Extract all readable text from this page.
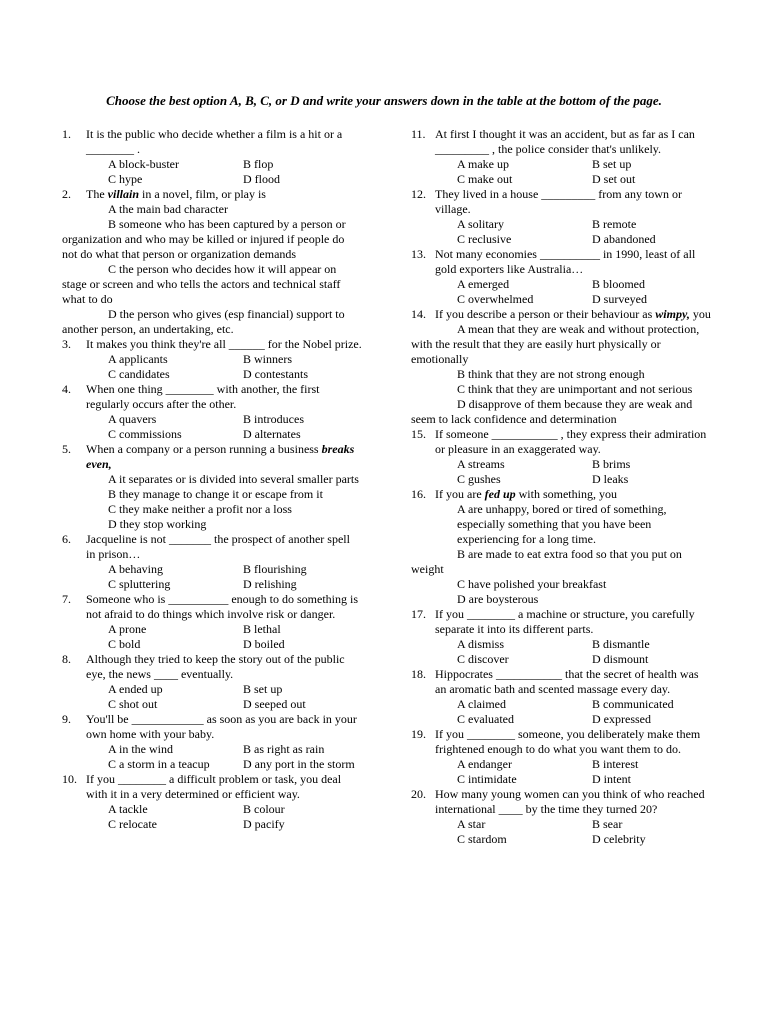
Choose the best option A, B, C, or D and write your answers down in the table at the bottom of the page.
1. It is the public who decide whether a film is a hit or a ________ .
A block-buster	B flop
C hype	D flood
2. The villain in a novel, film, or play is
A the main bad character
B someone who has been captured by a person or organization and who may be killed or injured if people do not do what that person or organization demands
C the person who decides how it will appear on stage or screen and who tells the actors and technical staff what to do
D the person who gives (esp financial) support to another person, an undertaking, etc.
3. It makes you think they're all ______ for the Nobel prize.
A applicants	B winners
C candidates	D contestants
4. When one thing ________ with another, the first regularly occurs after the other.
A quavers	B introduces
C commissions	D alternates
5. When a company or a person running a business breaks even,
A it separates or is divided into several smaller parts
B they manage to change it or escape from it
C they make neither a profit nor a loss
D they stop working
6. Jacqueline is not _______ the prospect of another spell in prison…
A behaving	B flourishing
C spluttering	D relishing
7. Someone who is __________ enough to do something is not afraid to do things which involve risk or danger.
A prone	B lethal
C bold	D boiled
8. Although they tried to keep the story out of the public eye, the news ____ eventually.
A ended up	B set up
C shot out	D seeped out
9. You'll be ____________ as soon as you are back in your own home with your baby.
A in the wind	B as right as rain
C a storm in a teacup	D any port in the storm
10. If you ________ a difficult problem or task, you deal with it in a very determined or efficient way.
A tackle	B colour
C relocate	D pacify
11. At first I thought it was an accident, but as far as I can _________ , the police consider that's unlikely.
A make up	B set up
C make out	D set out
12. They lived in a house _________ from any town or village.
A solitary	B remote
C reclusive	D abandoned
13. Not many economies __________ in 1990, least of all gold exporters like Australia…
A emerged	B bloomed
C overwhelmed	D surveyed
14. If you describe a person or their behaviour as wimpy, you
A mean that they are weak and without protection, with the result that they are easily hurt physically or emotionally
B think that they are not strong enough
C think that they are unimportant and not serious
D disapprove of them because they are weak and seem to lack confidence and determination
15. If someone ___________ , they express their admiration or pleasure in an exaggerated way.
A streams	B brims
C gushes	D leaks
16. If you are fed up with something, you
A are unhappy, bored or tired of something, especially something that you have been experiencing for a long time.
B are made to eat extra food so that you put on weight
C have polished your breakfast
D are boysterous
17. If you ________ a machine or structure, you carefully separate it into its different parts.
A dismiss	B dismantle
C discover	D dismount
18. Hippocrates ___________ that the secret of health was an aromatic bath and scented massage every day.
A claimed	B communicated
C evaluated	D expressed
19. If you ________ someone, you deliberately make them frightened enough to do what you want them to do.
A endanger	B interest
C intimidate	D intent
20. How many young women can you think of who reached international ____ by the time they turned 20?
A star	B sear
C stardom	D celebrity
